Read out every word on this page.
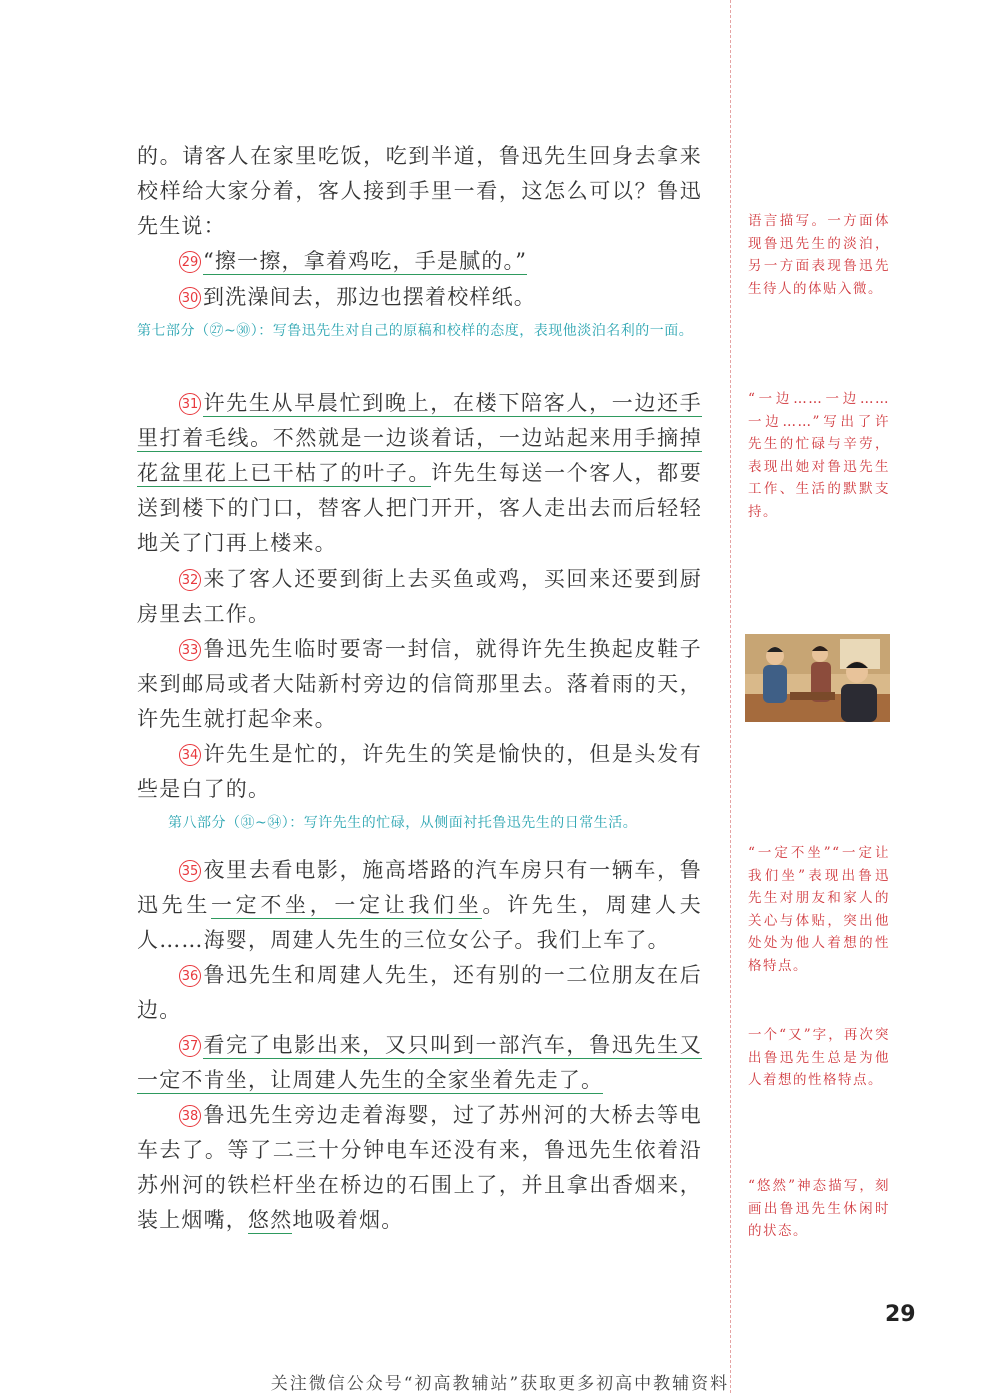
的。请客人在家里吃饭，吃到半道，鲁迅先生回身去拿来校样给大家分着，客人接到手里一看，这怎么可以？鲁迅先生说：

29 “擦一擦，拿着鸡吃，手是腻的。”

30 到洗澡间去，那边也摆着校样纸。

第七部分（㉗~㉚）：写鲁迅先生对自己的原稿和校样的态度，表现他淡泊名利的一面。

31 许先生从早晨忙到晚上，在楼下陪客人，一边还手里打着毛线。不然就是一边谈着话，一边站起来用手摘掉花盆里花上已干枯了的叶子。许先生每送一个客人，都要送到楼下的门口，替客人把门开开，客人走出去而后轻轻地关了门再上楼来。

32 来了客人还要到街上去买鱼或鸡，买回来还要到厨房里去工作。

33 鲁迅先生临时要寄一封信，就得许先生换起皮鞋子来到邮局或者大陆新村旁边的信筒那里去。落着雨的天，许先生就打起伞来。

34 许先生是忙的，许先生的笑是愉快的，但是头发有些是白了的。

第八部分（㉛~㉞）：写许先生的忙碌，从侧面衬托鲁迅先生的日常生活。

35 夜里去看电影，施高塔路的汽车房只有一辆车，鲁迅先生一定不坐，一定让我们坐。许先生，周建人夫人……海婴，周建人先生的三位女公子。我们上车了。

36 鲁迅先生和周建人先生，还有别的一二位朋友在后边。

37 看完了电影出来，又只叫到一部汽车，鲁迅先生又一定不肯坐，让周建人先生的全家坐着先走了。

38 鲁迅先生旁边走着海婴，过了苏州河的大桥去等电车去了。等了二三十分钟电车还没有来，鲁迅先生依着沿苏州河的铁栏杆坐在桥边的石围上了，并且拿出香烟来，装上烟嘴，悠然地吸着烟。

语言描写。一方面体现鲁迅先生的淡泊，另一方面表现鲁迅先生待人的体贴入微。
“一边……一边……一边……”写出了许先生的忙碌与辛劳，表现出她对鲁迅先生工作、生活的默默支持。
“一定不坐”“一定让我们坐”表现出鲁迅先生对朋友和家人的关心与体贴，突出他处处为他人着想的性格特点。
一个“又”字，再次突出鲁迅先生总是为他人着想的性格特点。
“悠然”神态描写，刻画出鲁迅先生休闲时的状态。
29
关注微信公众号“初高教辅站”获取更多初高中教辅资料
